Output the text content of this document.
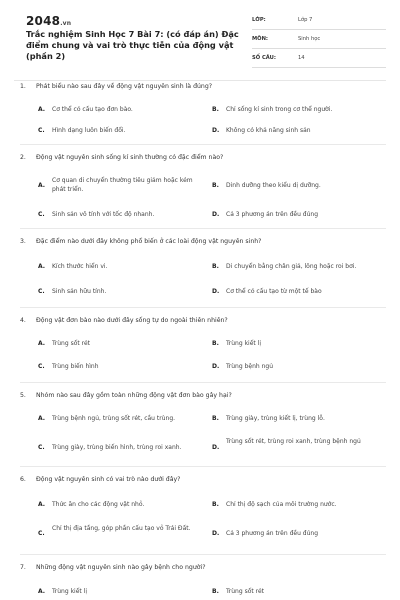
2048.vn
Trắc nghiệm Sinh Học 7 Bài 7: (có đáp án) Đặc điểm chung và vai trò thực tiễn của động vật (phần 2)
LỚP:	Lớp 7
MÔN:	Sinh học
SỐ CÂU:	14
1. Phát biểu nào sau đây về động vật nguyên sinh là đúng?
A. Cơ thể có cấu tạo đơn bào.	B. Chỉ sống kí sinh trong cơ thể người.
C. Hình dạng luôn biến đổi.	D. Không có khả năng sinh sản
2. Động vật nguyên sinh sống kí sinh thường có đặc điểm nào?
A.
Cơ quan di chuyển thường tiêu giảm hoặc kém phát triển.
B. Dinh dưỡng theo kiểu dị dưỡng.
C. Sinh sản vô tính với tốc độ nhanh.	D. Cả 3 phương án trên đều đúng
3. Đặc điểm nào dưới đây không phổ biến ở các loài động vật nguyên sinh?
A. Kích thước hiển vi.	B. Di chuyển bằng chân giả, lông hoặc roi bơi.
C. Sinh sản hữu tính.	D. Cơ thể có cấu tạo từ một tế bào
4. Động vật đơn bào nào dưới đây sống tự do ngoài thiên nhiên?
A. Trùng sốt rét	B. Trùng kiết lị
C. Trùng biến hình	D. Trùng bệnh ngủ
5. Nhóm nào sau đây gồm toàn những động vật đơn bào gây hại?
A. Trùng bệnh ngủ, trùng sốt rét, cầu trùng.	B. Trùng giày, trùng kiết lị, trùng lỗ.
C. Trùng giày, trùng biến hình, trùng roi xanh.	D.
Trùng sốt rét, trùng roi xanh, trùng bệnh ngủ
6. Động vật nguyên sinh có vai trò nào dưới đây?
A. Thức ăn cho các động vật nhỏ.	B. Chỉ thị độ sạch của môi trường nước.
C.
Chỉ thị địa tầng, góp phần cấu tạo vỏ Trái Đất.
D. Cả 3 phương án trên đều đúng
7. Những động vật nguyên sinh nào gây bệnh cho người?
A. Trùng kiết lị	B. Trùng sốt rét
